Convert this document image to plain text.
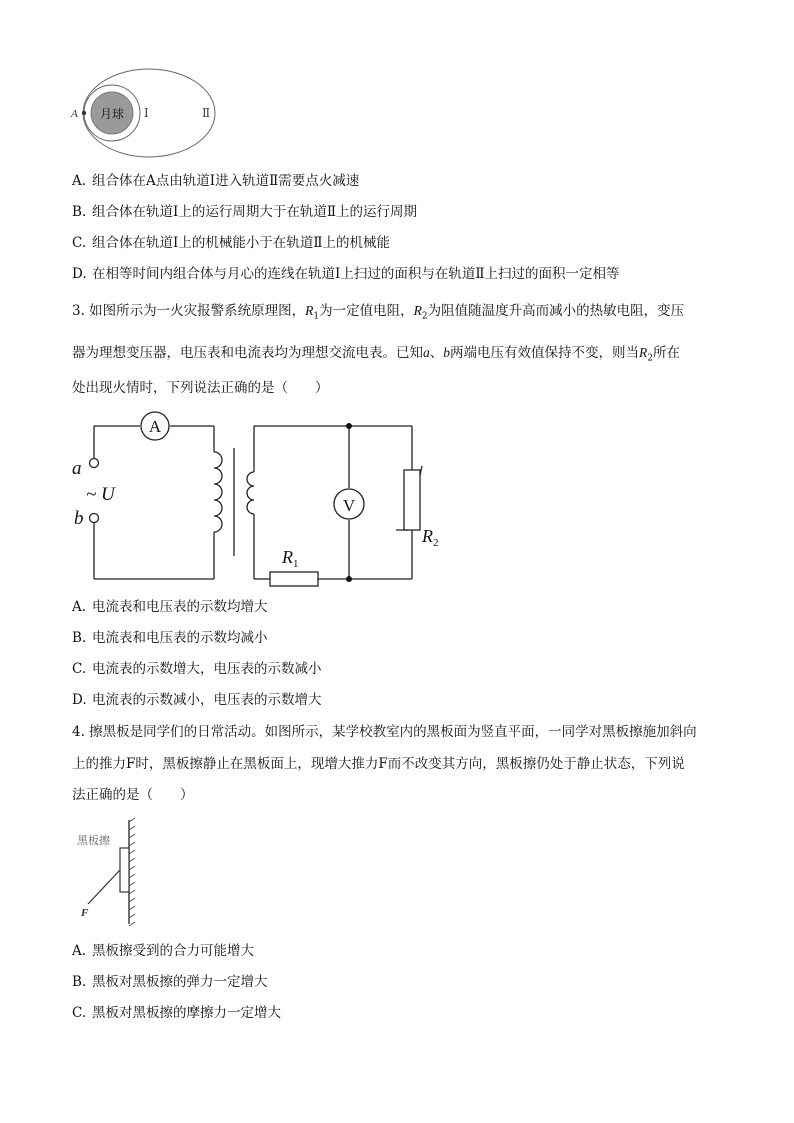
月球
A	Ⅰ	Ⅱ
A. 组合体在A点由轨道Ⅰ进入轨道Ⅱ需要点火减速
B. 组合体在轨道Ⅰ上的运行周期大于在轨道Ⅱ上的运行周期
C. 组合体在轨道Ⅰ上的机械能小于在轨道Ⅱ上的机械能
D. 在相等时间内组合体与月心的连线在轨道Ⅰ上扫过的面积与在轨道Ⅱ上扫过的面积一定相等
3. 如图所示为一火灾报警系统原理图，$R_1$为一定值电阻，$R_2$为阻值随温度升高而减小的热敏电阻，变压
器为理想变压器，电压表和电流表均为理想交流电表。已知a、b两端电压有效值保持不变，则当$R_2$所在
处出现火情时，下列说法正确的是（　　）
A
V
a
b
~ U
$R_1$
$R_2$
A. 电流表和电压表的示数均增大
B. 电流表和电压表的示数均减小
C. 电流表的示数增大，电压表的示数减小
D. 电流表的示数减小，电压表的示数增大
4. 擦黑板是同学们的日常活动。如图所示，某学校教室内的黑板面为竖直平面，一同学对黑板擦施加斜向
上的推力F时，黑板擦静止在黑板面上，现增大推力F而不改变其方向，黑板擦仍处于静止状态，下列说
法正确的是（　　）
黑板擦
F
A. 黑板擦受到的合力可能增大
B. 黑板对黑板擦的弹力一定增大
C. 黑板对黑板擦的摩擦力一定增大
